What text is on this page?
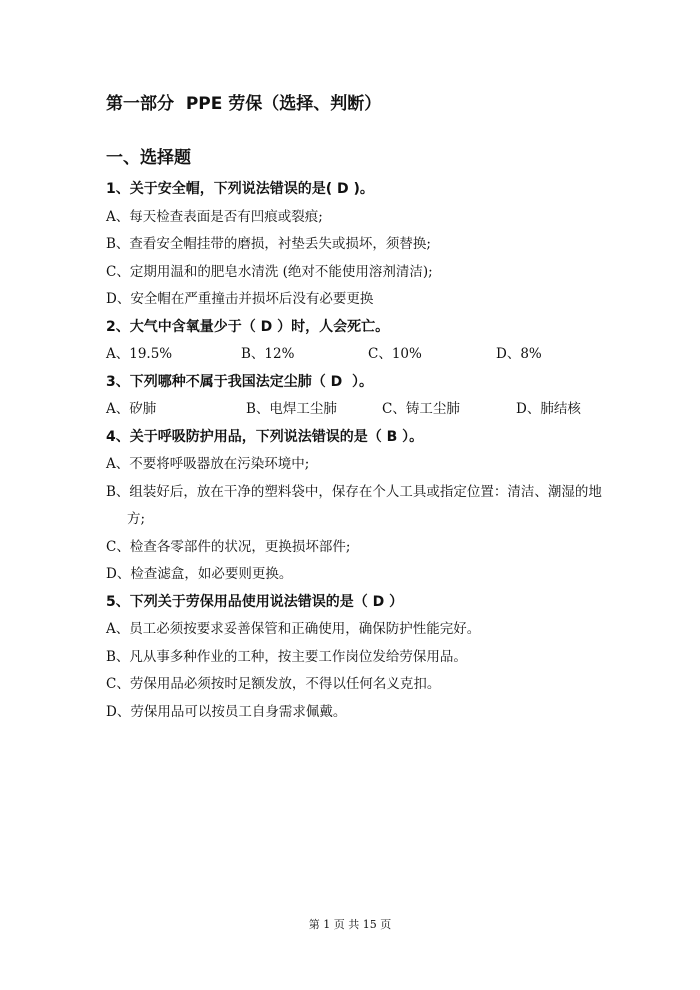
第一部分  PPE 劳保（选择、判断）
一、选择题

1、关于安全帽，下列说法错误的是( D )。

A、每天检查表面是否有凹痕或裂痕;

B、查看安全帽挂带的磨损，衬垫丢失或损坏，须替换;

C、定期用温和的肥皂水清洗 (绝对不能使用溶剂清洁);

D、安全帽在严重撞击并损坏后没有必要更换

2、大气中含氧量少于（ D ）时，人会死亡。

A、19.5%	B、12%	C、10%	D、8%

3、下列哪种不属于我国法定尘肺（ D  ）。

A、矽肺	B、电焊工尘肺	C、铸工尘肺	D、肺结核

4、关于呼吸防护用品，下列说法错误的是（ B ）。

A、不要将呼吸器放在污染环境中;

B、组装好后，放在干净的塑料袋中，保存在个人工具或指定位置：清洁、潮湿的地方;

C、检查各零部件的状况，更换损坏部件;

D、检查滤盒，如必要则更换。

5、下列关于劳保用品使用说法错误的是（ D ）

A、员工必须按要求妥善保管和正确使用，确保防护性能完好。

B、凡从事多种作业的工种，按主要工作岗位发给劳保用品。

C、劳保用品必须按时足额发放，不得以任何名义克扣。

D、劳保用品可以按员工自身需求佩戴。

第 1 页 共 15 页
